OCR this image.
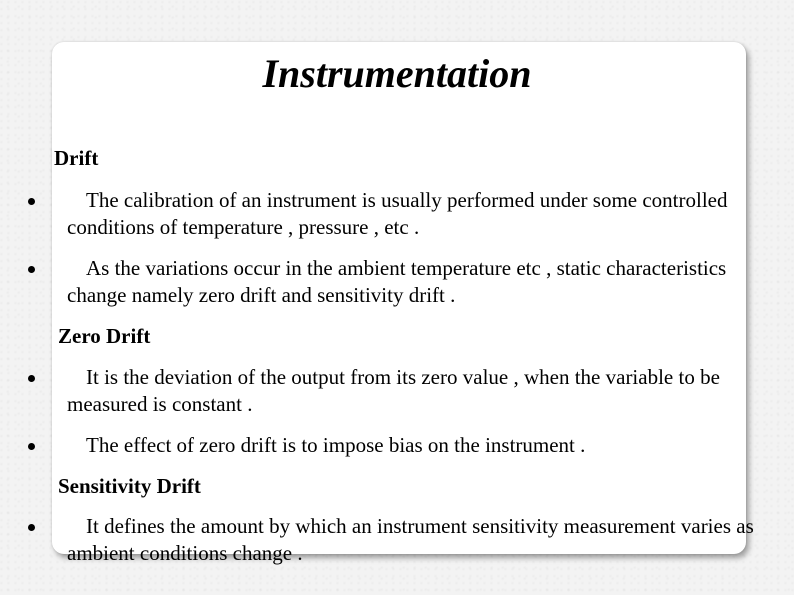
Instrumentation
Drift

The calibration of an instrument is usually performed under some controlled conditions of temperature , pressure , etc .

As the variations occur in the ambient temperature etc , static characteristics change namely zero drift and sensitivity drift .

Zero Drift

It is the deviation of the output from its zero value , when the variable to be measured is constant .

The effect of zero drift is to impose bias on the instrument .

Sensitivity Drift

It defines the amount by which an instrument sensitivity measurement varies as ambient conditions change .
